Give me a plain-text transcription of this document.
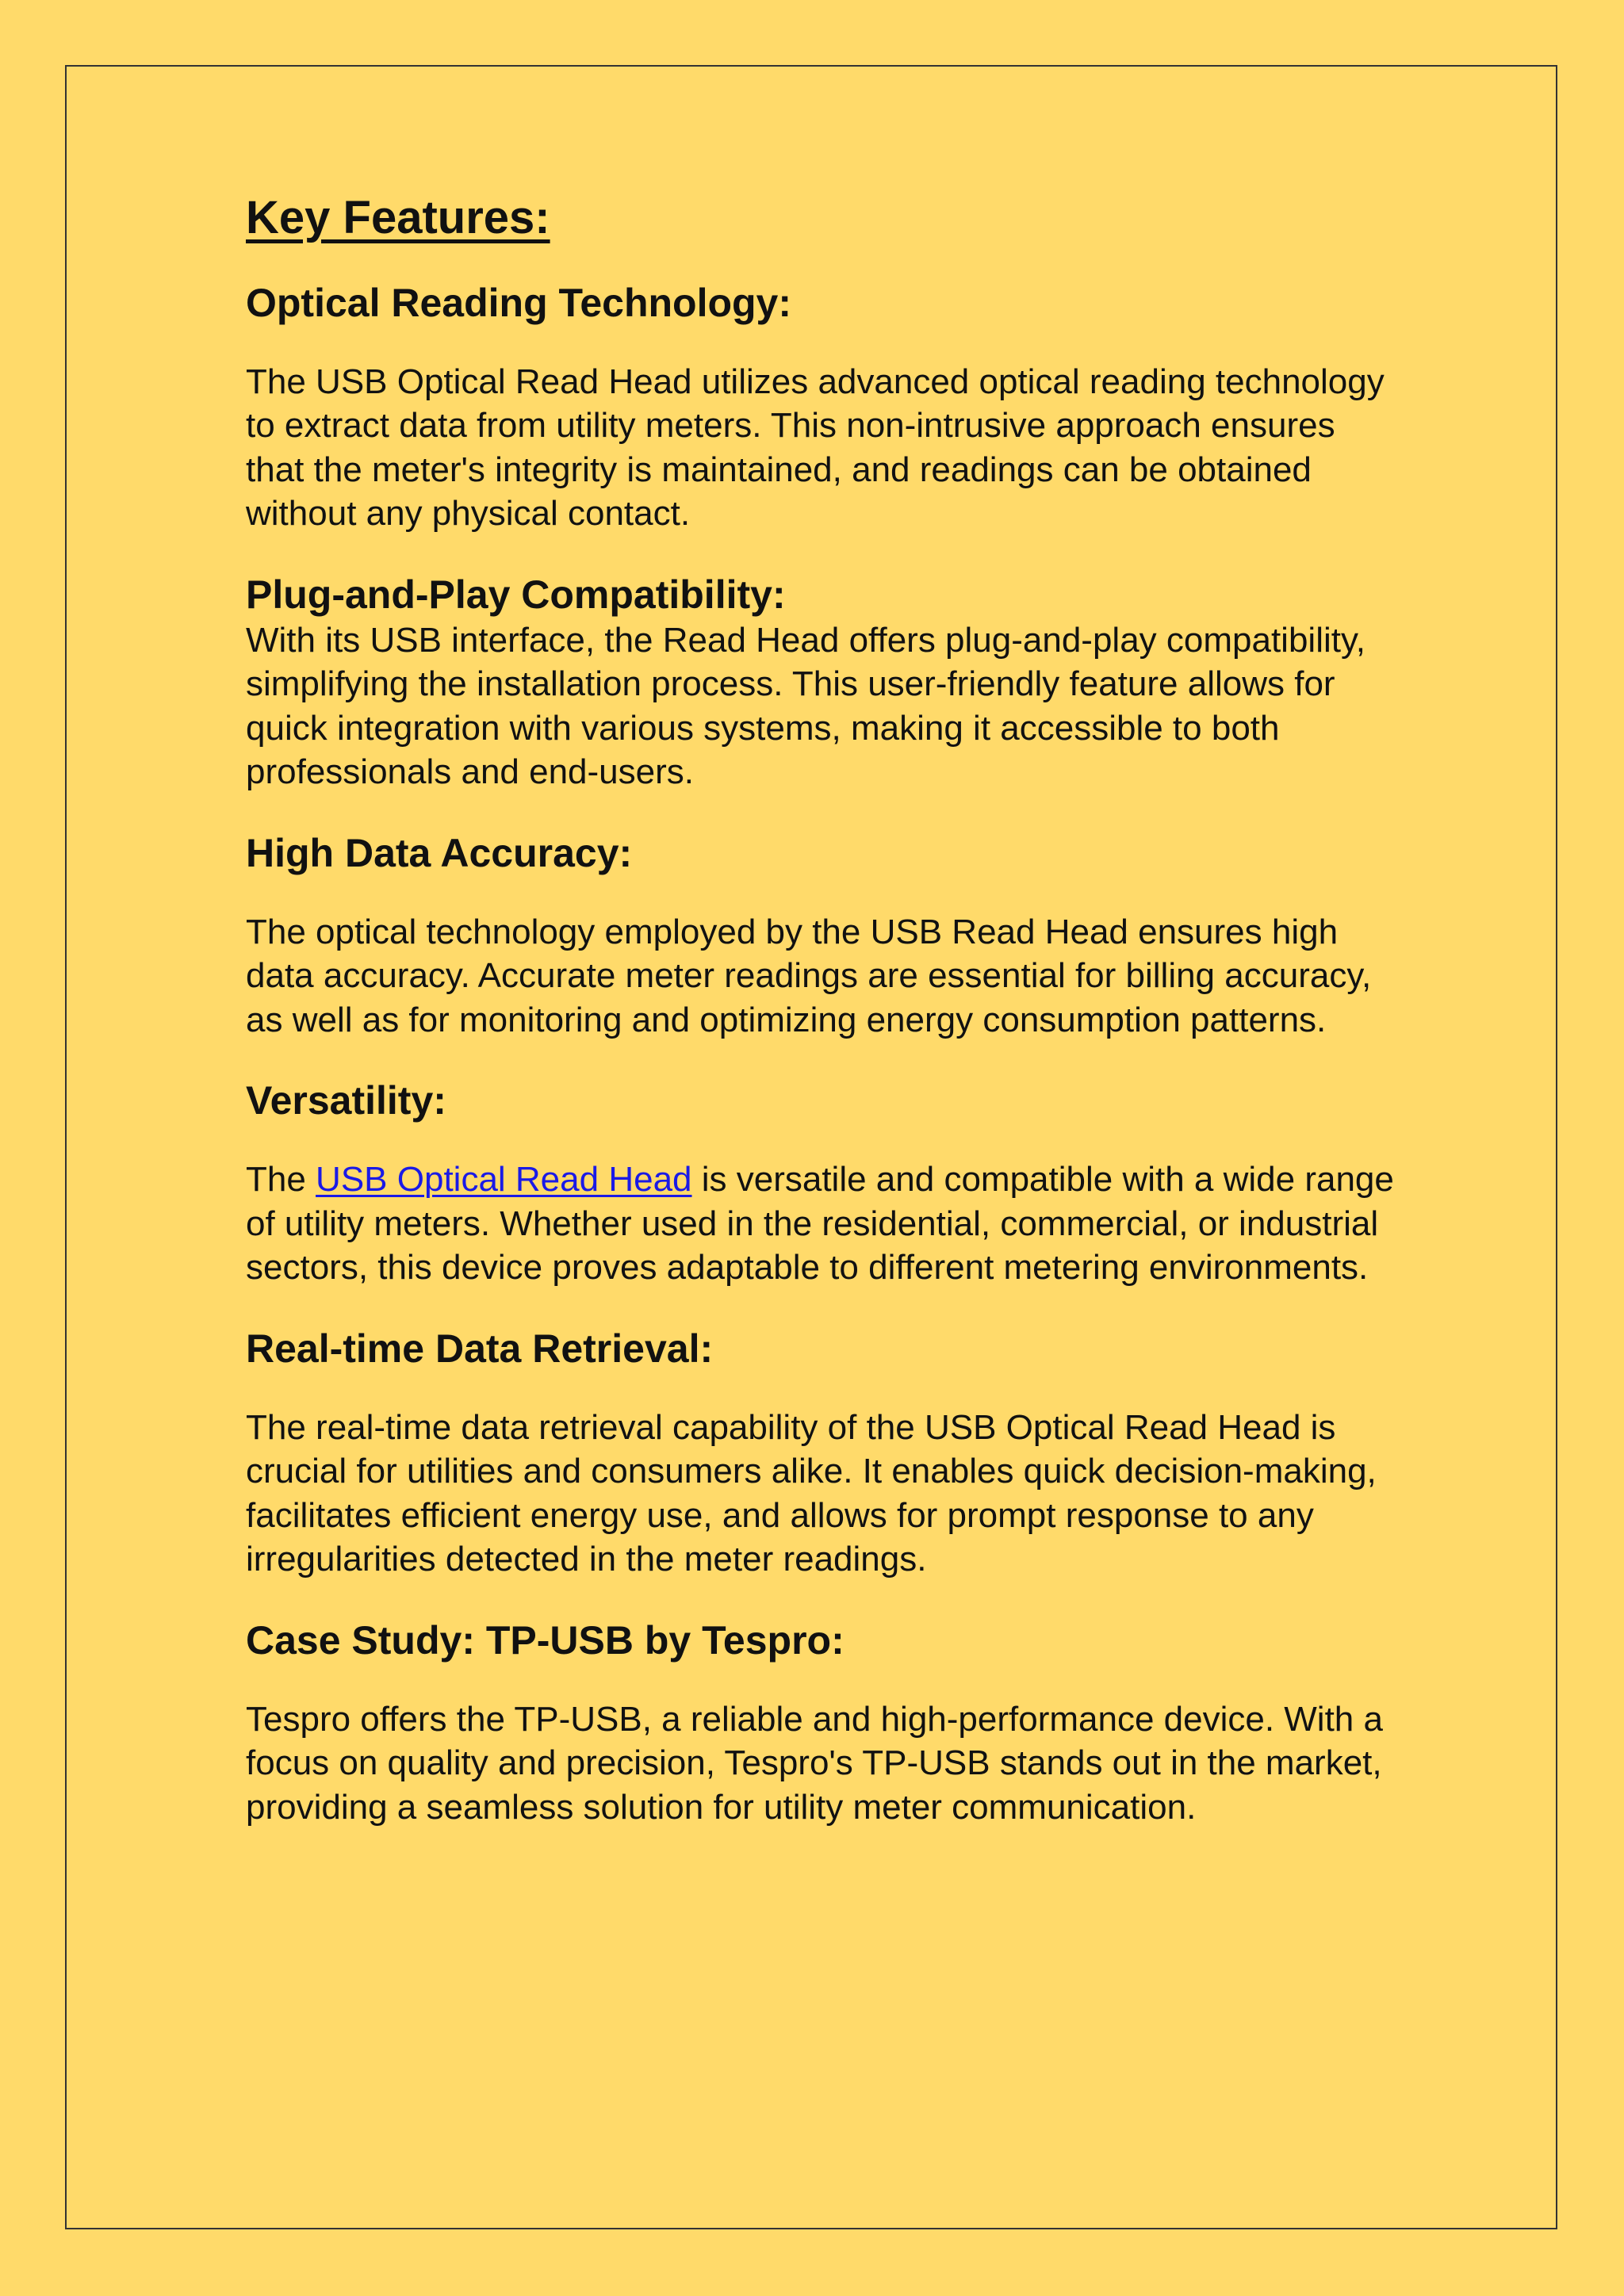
Key Features:
Optical Reading Technology:

The USB Optical Read Head utilizes advanced optical reading technology to extract data from utility meters. This non-intrusive approach ensures that the meter's integrity is maintained, and readings can be obtained without any physical contact.

Plug-and-Play Compatibility:

With its USB interface, the Read Head offers plug-and-play compatibility, simplifying the installation process. This user-friendly feature allows for quick integration with various systems, making it accessible to both professionals and end-users.

High Data Accuracy:

The optical technology employed by the USB Read Head ensures high data accuracy. Accurate meter readings are essential for billing accuracy, as well as for monitoring and optimizing energy consumption patterns.

Versatility:

The USB Optical Read Head is versatile and compatible with a wide range of utility meters. Whether used in the residential, commercial, or industrial sectors, this device proves adaptable to different metering environments.

Real-time Data Retrieval:

The real-time data retrieval capability of the USB Optical Read Head is crucial for utilities and consumers alike. It enables quick decision-making, facilitates efficient energy use, and allows for prompt response to any irregularities detected in the meter readings.

Case Study: TP-USB by Tespro:

Tespro offers the TP-USB, a reliable and high-performance device. With a focus on quality and precision, Tespro's TP-USB stands out in the market, providing a seamless solution for utility meter communication.
